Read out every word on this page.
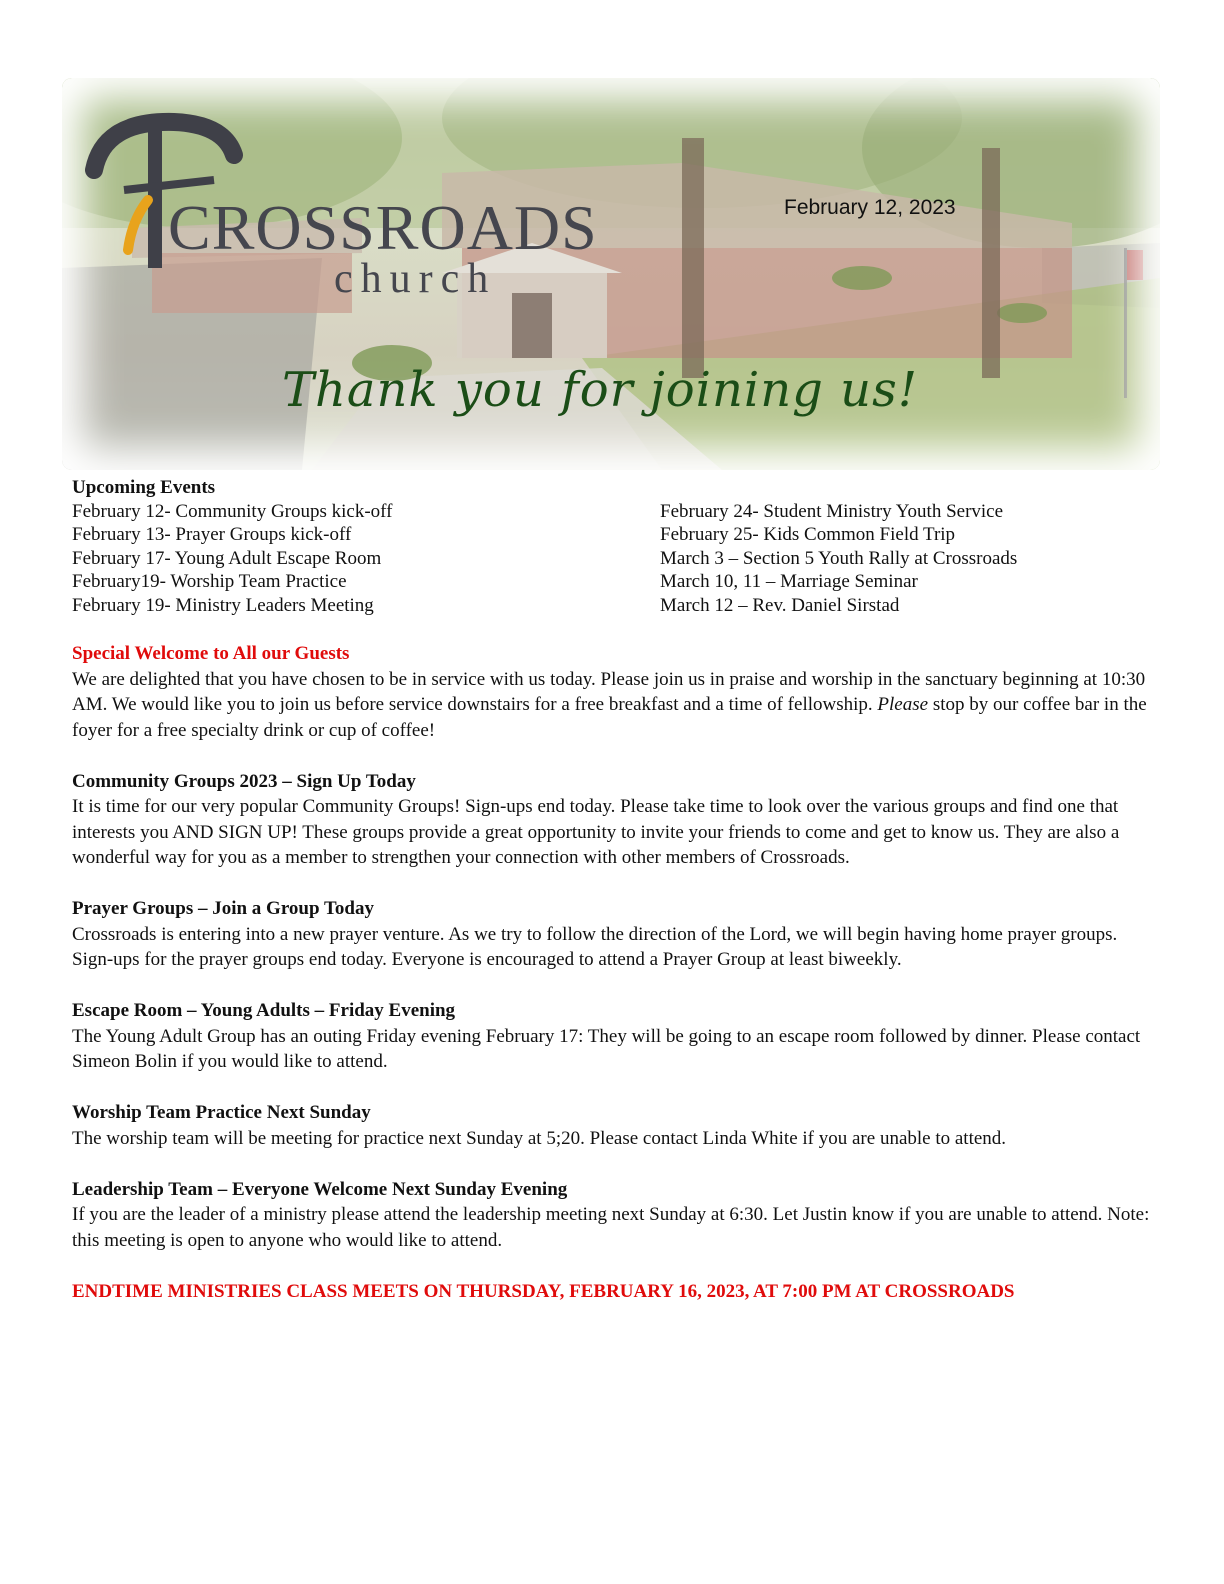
CROSSROADS
church
February 12, 2023
Thank you for joining us!
Upcoming Events
February 12- Community Groups kick-off
February 13- Prayer Groups kick-off
February 17- Young Adult Escape Room
February19- Worship Team Practice
February 19- Ministry Leaders Meeting
February 24- Student Ministry Youth Service
February 25- Kids Common Field Trip
March 3 – Section 5 Youth Rally at Crossroads
March 10, 11 – Marriage Seminar
March 12 – Rev. Daniel Sirstad
Special Welcome to All our Guests

We are delighted that you have chosen to be in service with us today. Please join us in praise and worship in the sanctuary beginning at 10:30 AM. We would like you to join us before service downstairs for a free breakfast and a time of fellowship. Please stop by our coffee bar in the foyer for a free specialty drink or cup of coffee!

Community Groups 2023 – Sign Up Today

It is time for our very popular Community Groups! Sign-ups end today. Please take time to look over the various groups and find one that interests you AND SIGN UP! These groups provide a great opportunity to invite your friends to come and get to know us. They are also a wonderful way for you as a member to strengthen your connection with other members of Crossroads.

Prayer Groups – Join a Group Today

Crossroads is entering into a new prayer venture. As we try to follow the direction of the Lord, we will begin having home prayer groups. Sign-ups for the prayer groups end today. Everyone is encouraged to attend a Prayer Group at least biweekly.

Escape Room – Young Adults – Friday Evening

The Young Adult Group has an outing Friday evening February 17: They will be going to an escape room followed by dinner. Please contact Simeon Bolin if you would like to attend.

Worship Team Practice Next Sunday

The worship team will be meeting for practice next Sunday at 5;20. Please contact Linda White if you are unable to attend.

Leadership Team – Everyone Welcome Next Sunday Evening

If you are the leader of a ministry please attend the leadership meeting next Sunday at 6:30. Let Justin know if you are unable to attend. Note: this meeting is open to anyone who would like to attend.

ENDTIME MINISTRIES CLASS MEETS ON THURSDAY, FEBRUARY 16, 2023, AT 7:00 PM AT CROSSROADS
